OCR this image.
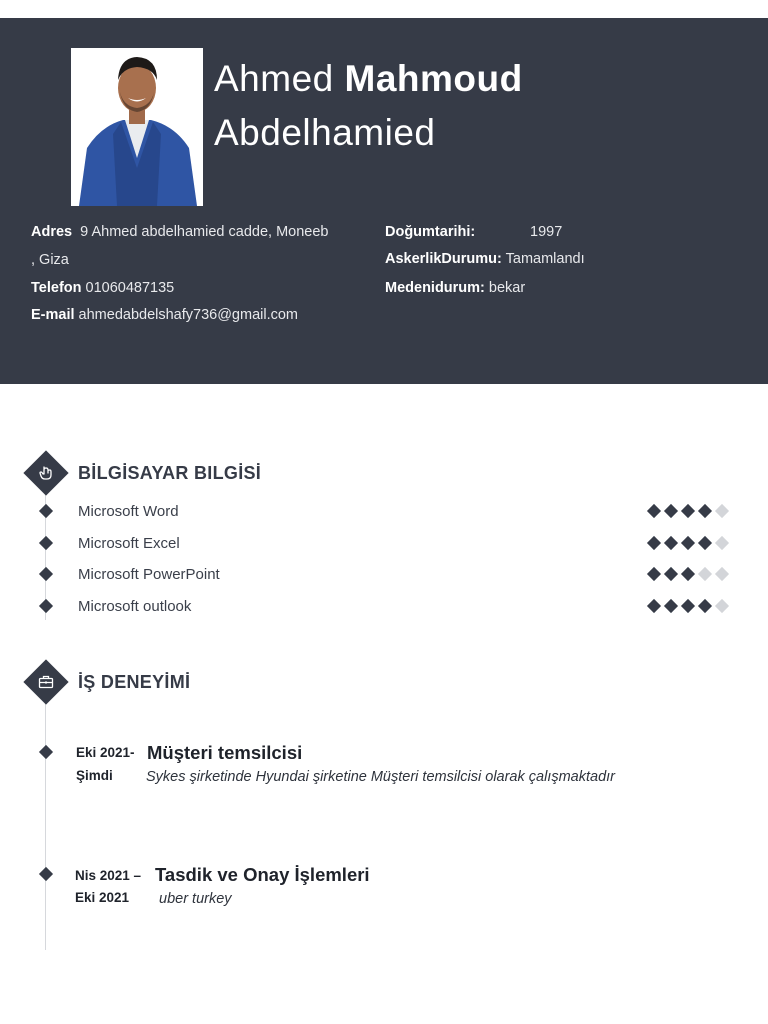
Ahmed Mahmoud
Abdelhamied
Adres 9 Ahmed abdelhamied cadde, Moneeb
, Giza
Telefon 01060487135
E-mail ahmedabdelshafy736@gmail.com
Doğumtarihi:	1997
AskerlikDurumu: Tamamlandı
Medenidurum: bekar
BİLGİSAYAR BILGİSİ
Microsoft Word
Microsoft Excel
Microsoft PowerPoint
Microsoft outlook
İŞ DENEYİMİ
Eki 2021-
Şimdi
Müşteri temsilcisi
Sykes şirketinde Hyundai şirketine Müşteri temsilcisi olarak çalışmaktadır
Nis 2021 –
Eki 2021
Tasdik ve Onay İşlemleri
uber turkey
